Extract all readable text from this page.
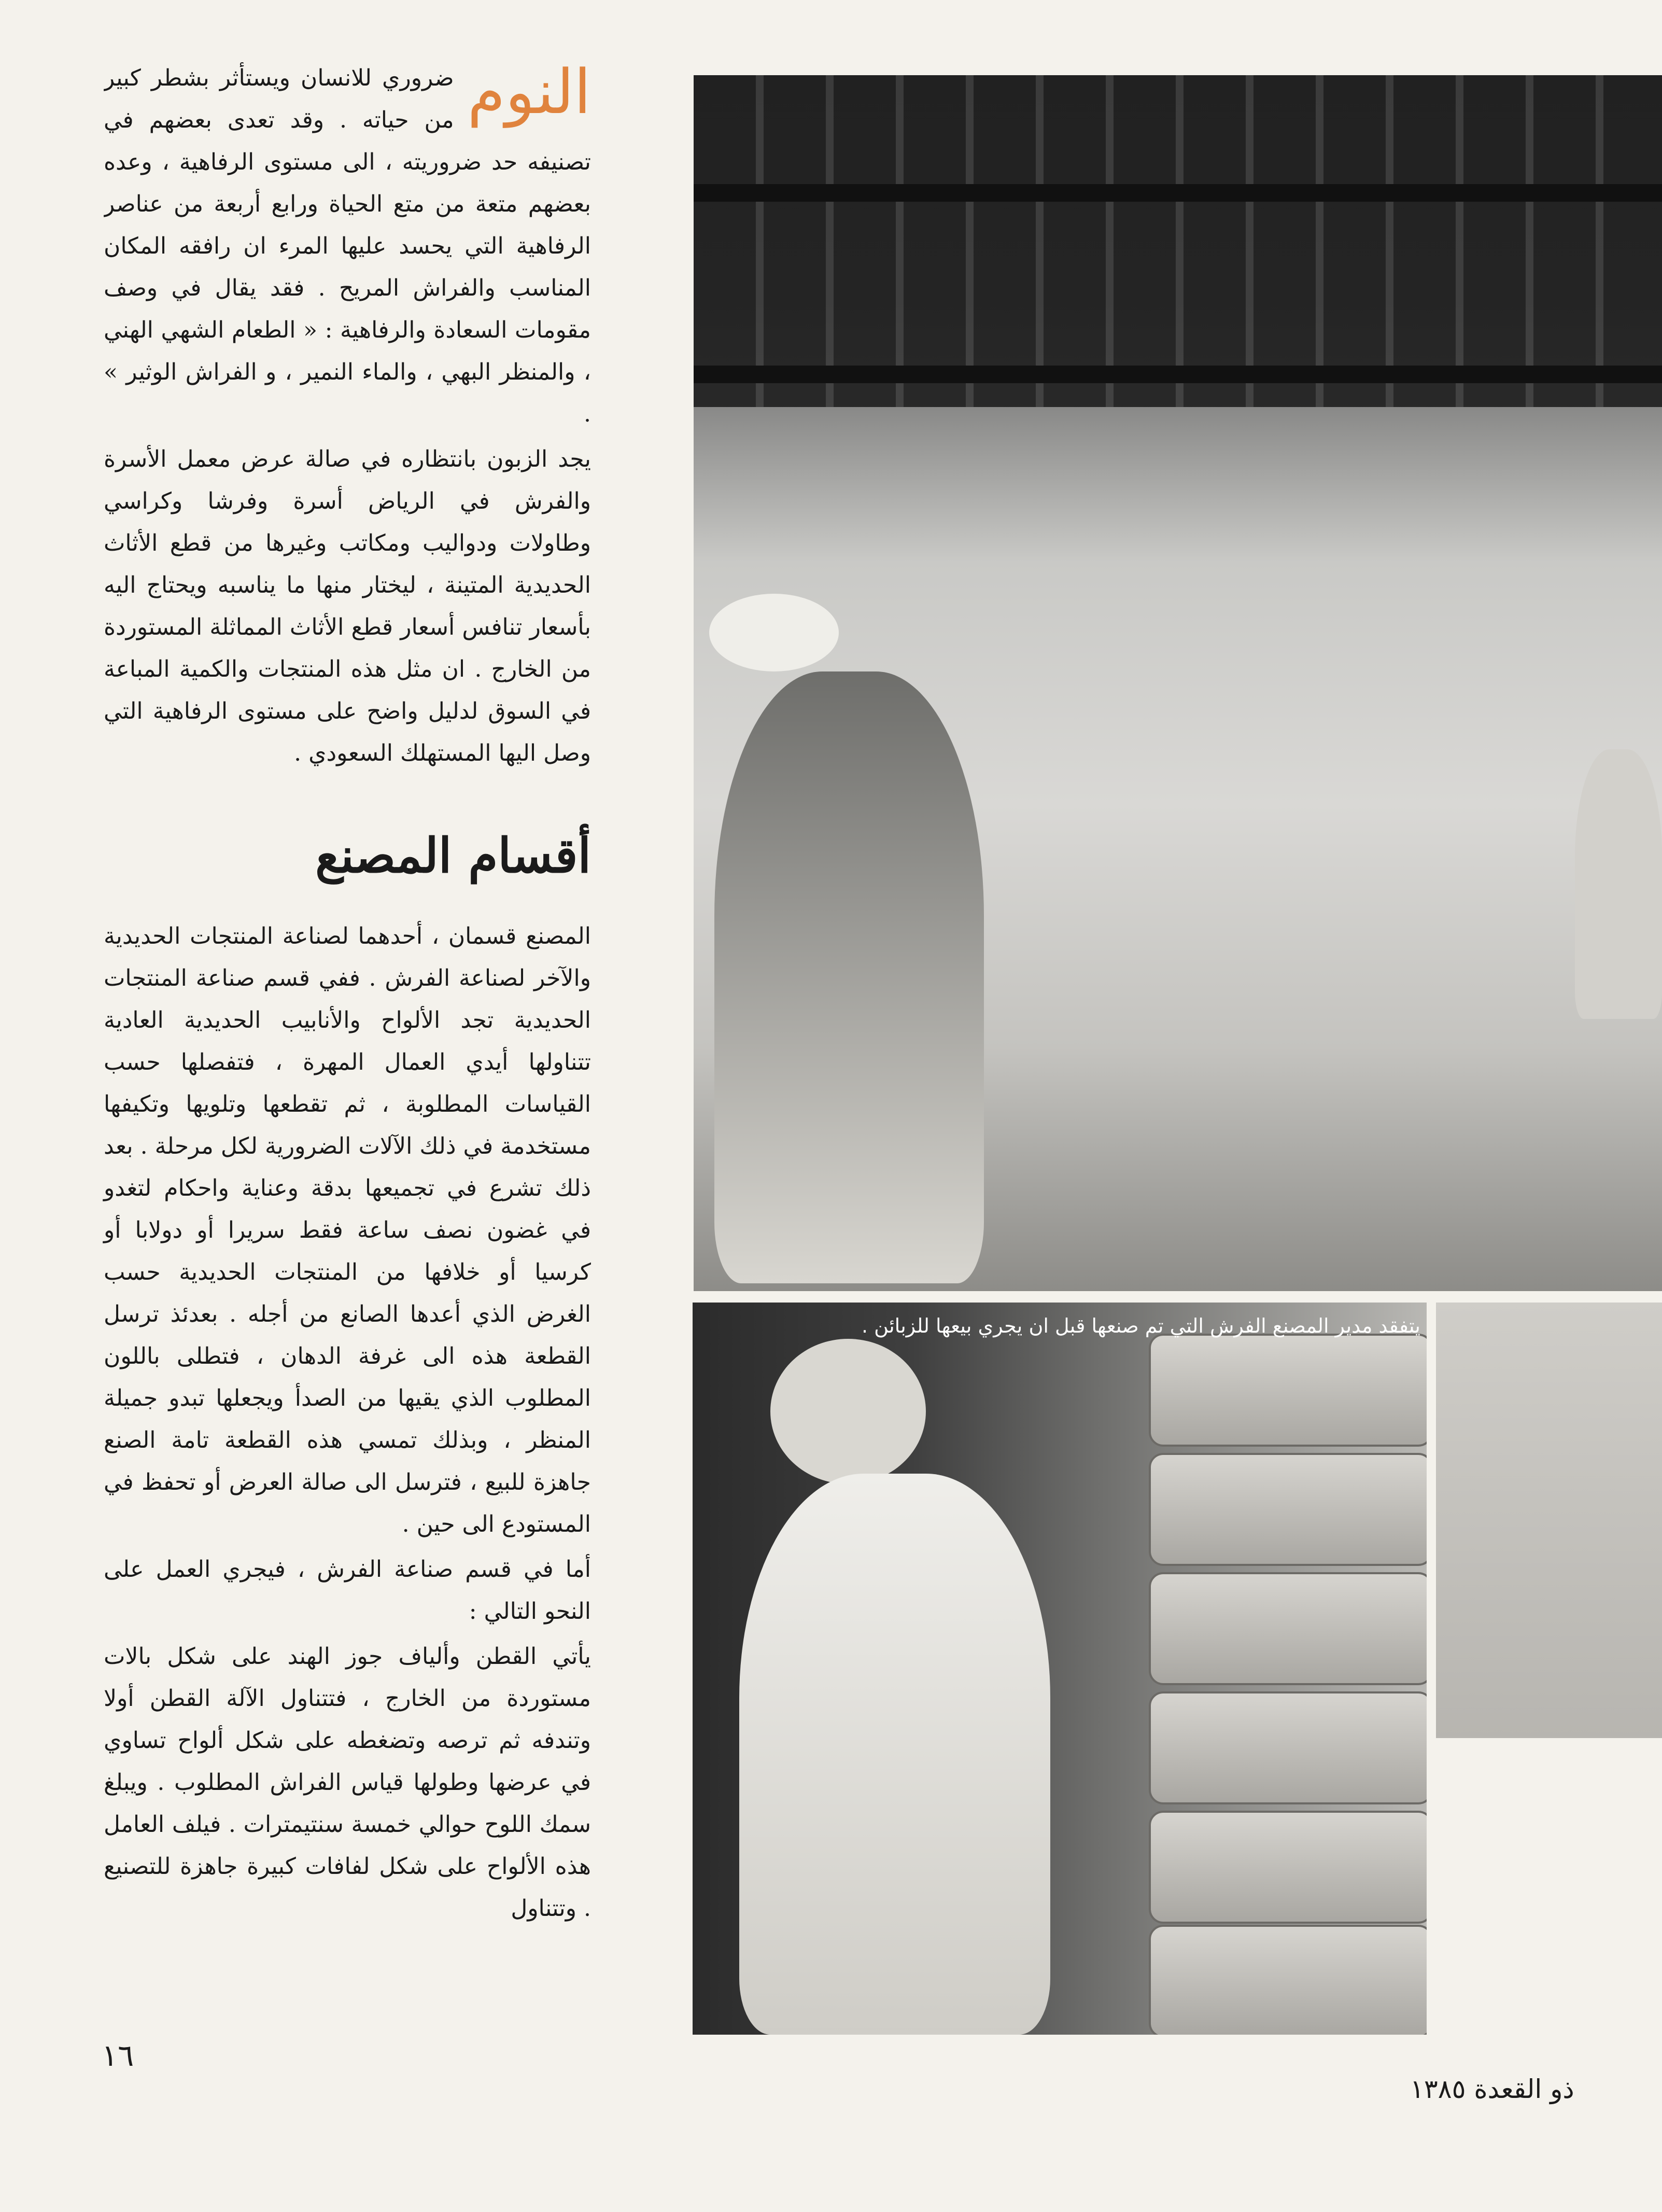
النوم

ضروري للانسان ويستأثر بشطر كبير من حياته . وقد تعدى بعضهم في تصنيفه حد ضروريته ، الى مستوى الرفاهية ، وعده بعضهم متعة من متع الحياة ورابع أربعة من عناصر الرفاهية التي يحسد عليها المرء ان رافقه المكان المناسب والفراش المريح . فقد يقال في وصف مقومات السعادة والرفاهية : « الطعام الشهي الهني ، والمنظر البهي ، والماء النمير ، و الفراش الوثير » .

يجد الزبون بانتظاره في صالة عرض معمل الأسرة والفرش في الرياض أسرة وفرشا وكراسي وطاولات ودواليب ومكاتب وغيرها من قطع الأثاث الحديدية المتينة ، ليختار منها ما يناسبه ويحتاج اليه بأسعار تنافس أسعار قطع الأثاث المماثلة المستوردة من الخارج . ان مثل هذه المنتجات والكمية المباعة في السوق لدليل واضح على مستوى الرفاهية التي وصل اليها المستهلك السعودي .

أقسام المصنع

المصنع قسمان ، أحدهما لصناعة المنتجات الحديدية والآخر لصناعة الفرش . ففي قسم صناعة المنتجات الحديدية تجد الألواح والأنابيب الحديدية العادية تتناولها أيدي العمال المهرة ، فتفصلها حسب القياسات المطلوبة ، ثم تقطعها وتلويها وتكيفها مستخدمة في ذلك الآلات الضرورية لكل مرحلة . بعد ذلك تشرع في تجميعها بدقة وعناية واحكام لتغدو في غضون نصف ساعة فقط سريرا أو دولابا أو كرسيا أو خلافها من المنتجات الحديدية حسب الغرض الذي أعدها الصانع من أجله . بعدئذ ترسل القطعة هذه الى غرفة الدهان ، فتطلى باللون المطلوب الذي يقيها من الصدأ ويجعلها تبدو جميلة المنظر ، وبذلك تمسي هذه القطعة تامة الصنع جاهزة للبيع ، فترسل الى صالة العرض أو تحفظ في المستودع الى حين .

أما في قسم صناعة الفرش ، فيجري العمل على النحو التالي :

يأتي القطن وألياف جوز الهند على شكل بالات مستوردة من الخارج ، فتتناول الآلة القطن أولا وتندفه ثم ترصه وتضغطه على شكل ألواح تساوي في عرضها وطولها قياس الفراش المطلوب . ويبلغ سمك اللوح حوالي خمسة سنتيمترات . فيلف العامل هذه الألواح على شكل لفافات كبيرة جاهزة للتصنيع . وتتناول

يتفقد مدير المصنع الفرش التي تم صنعها قبل ان يجري بيعها للزبائن .
١٦
ذو القعدة ١٣٨٥
